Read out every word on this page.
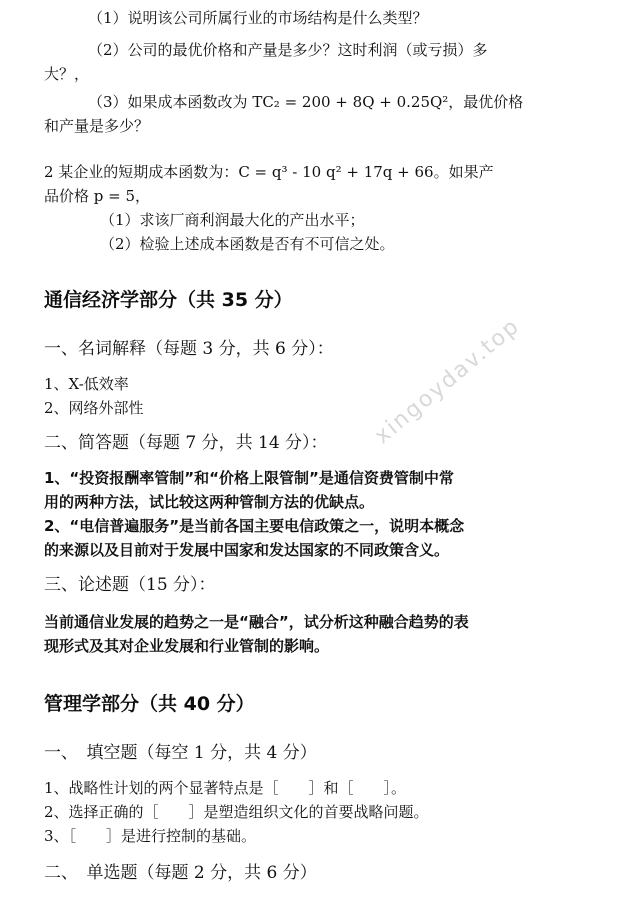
xingoydav.top
（1）说明该公司所属行业的市场结构是什么类型？
（2）公司的最优价格和产量是多少？这时利润（或亏损）多
大？，
（3）如果成本函数改为 TC₂ = 200 + 8Q + 0.25Q²，最优价格
和产量是多少？
2 某企业的短期成本函数为：C = q³ - 10 q² + 17q + 66。如果产
品价格 p = 5，
（1）求该厂商利润最大化的产出水平；
（2）检验上述成本函数是否有不可信之处。
通信经济学部分（共 35 分）
一、名词解释（每题 3 分，共 6 分）：
1、X-低效率
2、网络外部性
二、简答题（每题 7 分，共 14 分）：
1、“投资报酬率管制”和“价格上限管制”是通信资费管制中常
用的两种方法，试比较这两种管制方法的优缺点。
2、“电信普遍服务”是当前各国主要电信政策之一，说明本概念
的来源以及目前对于发展中国家和发达国家的不同政策含义。
三、论述题（15 分）：
当前通信业发展的趋势之一是“融合”，试分析这种融合趋势的表
现形式及其对企业发展和行业管制的影响。
管理学部分（共 40 分）
一、　填空题（每空 1 分，共 4 分）
1、战略性计划的两个显著特点是［　　］和［　　］。
2、选择正确的［　　］是塑造组织文化的首要战略问题。
3、［　　］是进行控制的基础。
二、　单选题（每题 2 分，共 6 分）
